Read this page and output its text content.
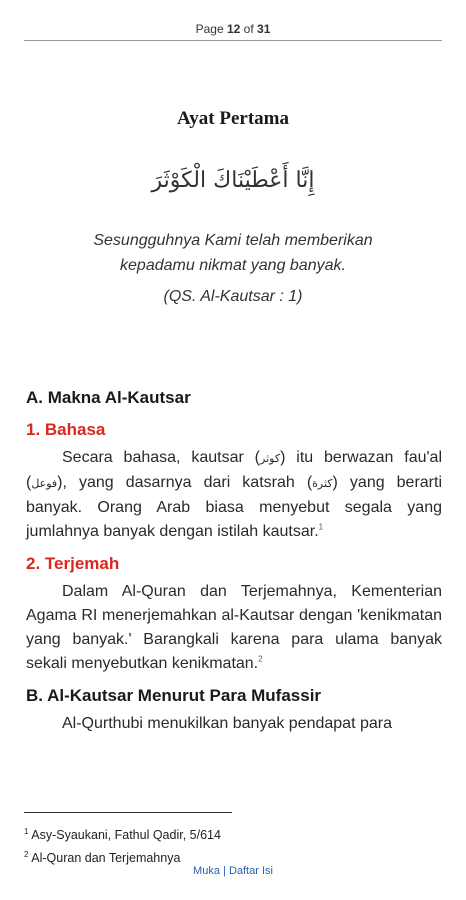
Page 12 of 31
Ayat Pertama
إِنَّا أَعْطَيْنَاكَ الْكَوْثَرَ
Sesungguhnya Kami telah memberikan
kepadamu nikmat yang banyak.
(QS. Al-Kautsar : 1)
A. Makna Al-Kautsar
1. Bahasa

Secara bahasa, kautsar (كوثر) itu berwazan fau'al (فوعل), yang dasarnya dari katsrah (كثرة) yang berarti banyak. Orang Arab biasa menyebut segala yang jumlahnya banyak dengan istilah kautsar.$^1$

2. Terjemah

Dalam Al-Quran dan Terjemahnya, Kementerian Agama RI menerjemahkan al-Kautsar dengan 'kenikmatan yang banyak.' Barangkali karena para ulama banyak sekali menyebutkan kenikmatan.$^2$

B. Al-Kautsar Menurut Para Mufassir

Al-Qurthubi menukilkan banyak pendapat para

$^1$ Asy-Syaukani, Fathul Qadir, 5/614
$^2$ Al-Quran dan Terjemahnya
Muka | Daftar Isi
